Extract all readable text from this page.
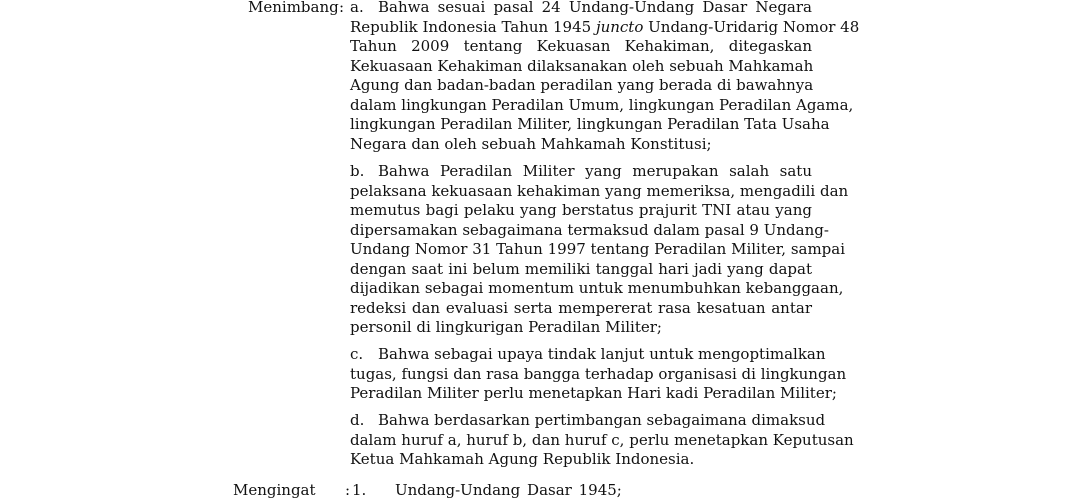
Menimbang : a. Bahwa sesuai pasal 24 Undang-Undang Dasar Negara
Republik Indonesia Tahun 1945 juncto Undang-Uridarig Nomor 48
Tahun 2009 tentang Kekuasan Kehakiman, ditegaskan
Kekuasaan Kehakiman dilaksanakan oleh sebuah Mahkamah
Agung dan badan-badan peradilan yang berada di bawahnya
dalam lingkungan Peradilan Umum, lingkungan Peradilan Agama,
lingkungan Peradilan Militer, lingkungan Peradilan Tata Usaha
Negara dan oleh sebuah Mahkamah Konstitusi;
b. Bahwa Peradilan Militer yang merupakan salah satu
pelaksana kekuasaan kehakiman yang memeriksa, mengadili dan
memutus bagi pelaku yang berstatus prajurit TNI atau yang
dipersamakan sebagaimana termaksud dalam pasal 9 Undang-
Undang Nomor 31 Tahun 1997 tentang Peradilan Militer, sampai
dengan saat ini belum memiliki tanggal hari jadi yang dapat
dijadikan sebagai momentum untuk menumbuhkan kebanggaan,
redeksi dan evaluasi serta mempererat rasa kesatuan antar
personil di lingkurigan Peradilan Militer;
c. Bahwa sebagai upaya tindak lanjut untuk mengoptimalkan
tugas, fungsi dan rasa bangga terhadap organisasi di lingkungan
Peradilan Militer perlu menetapkan Hari kadi Peradilan Militer;
d. Bahwa berdasarkan pertimbangan sebagaimana dimaksud
dalam huruf a, huruf b, dan huruf c, perlu menetapkan Keputusan
Ketua Mahkamah Agung Republik Indonesia.
Mengingat : 1. Undang-Undang Dasar 1945;
